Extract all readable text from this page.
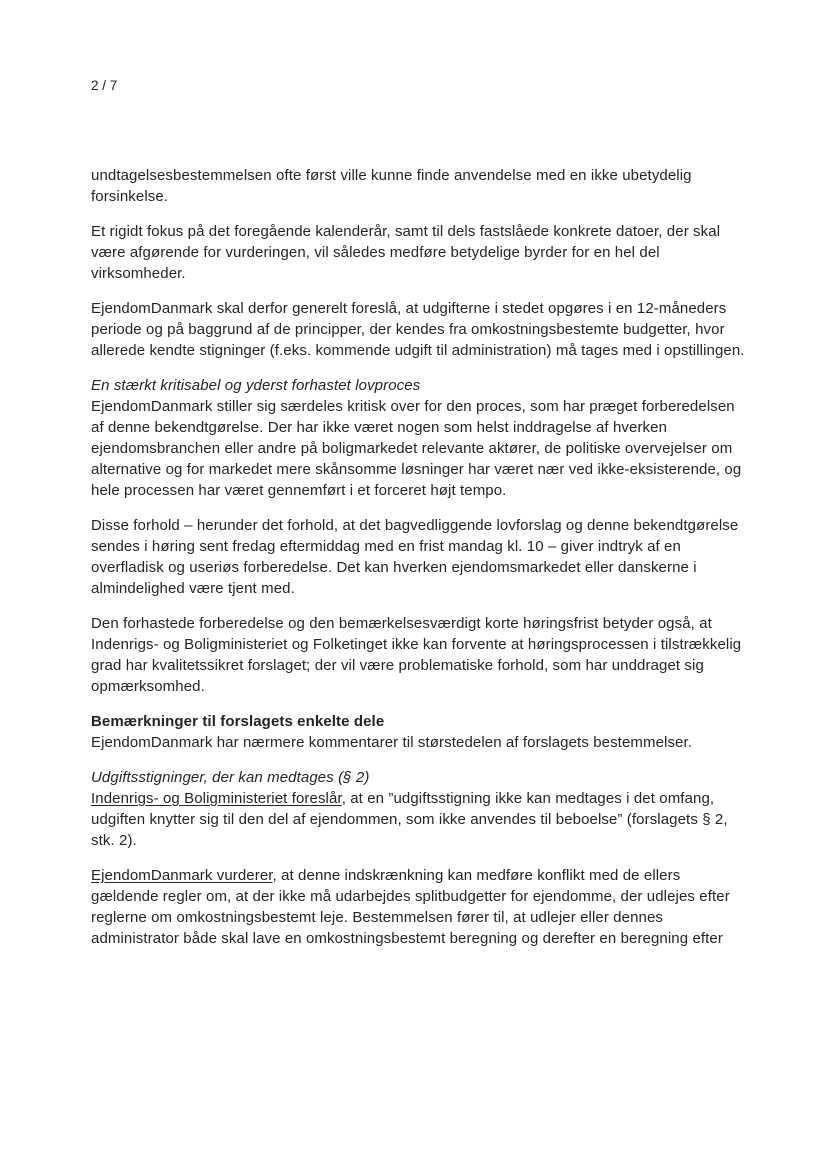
2 / 7

undtagelsesbestemmelsen ofte først ville kunne finde anvendelse med en ikke ubetydelig forsinkelse.

Et rigidt fokus på det foregående kalenderår, samt til dels fastslåede konkrete datoer, der skal være afgørende for vurderingen, vil således medføre betydelige byrder for en hel del virksomheder.

EjendomDanmark skal derfor generelt foreslå, at udgifterne i stedet opgøres i en 12-måneders periode og på baggrund af de principper, der kendes fra omkostningsbestemte budgetter, hvor allerede kendte stigninger (f.eks. kommende udgift til administration) må tages med i opstillingen.

En stærkt kritisabel og yderst forhastet lovproces

EjendomDanmark stiller sig særdeles kritisk over for den proces, som har præget forberedelsen af denne bekendtgørelse. Der har ikke været nogen som helst inddragelse af hverken ejendomsbranchen eller andre på boligmarkedet relevante aktører, de politiske overvejelser om alternative og for markedet mere skånsomme løsninger har været nær ved ikke-eksisterende, og hele processen har været gennemført i et forceret højt tempo.

Disse forhold – herunder det forhold, at det bagvedliggende lovforslag og denne bekendtgørelse sendes i høring sent fredag eftermiddag med en frist mandag kl. 10 – giver indtryk af en overfladisk og useriøs forberedelse. Det kan hverken ejendomsmarkedet eller danskerne i almindelighed være tjent med.

Den forhastede forberedelse og den bemærkelsesværdigt korte høringsfrist betyder også, at Indenrigs- og Boligministeriet og Folketinget ikke kan forvente at høringsprocessen i tilstrækkelig grad har kvalitetssikret forslaget; der vil være problematiske forhold, som har unddraget sig opmærksomhed.

Bemærkninger til forslagets enkelte dele

EjendomDanmark har nærmere kommentarer til størstedelen af forslagets bestemmelser.

Udgiftsstigninger, der kan medtages (§ 2)

Indenrigs- og Boligministeriet foreslår, at en ”udgiftsstigning ikke kan medtages i det omfang, udgiften knytter sig til den del af ejendommen, som ikke anvendes til beboelse” (forslagets § 2, stk. 2).

EjendomDanmark vurderer, at denne indskrænkning kan medføre konflikt med de ellers gældende regler om, at der ikke må udarbejdes splitbudgetter for ejendomme, der udlejes efter reglerne om omkostningsbestemt leje. Bestemmelsen fører til, at udlejer eller dennes administrator både skal lave en omkostningsbestemt beregning og derefter en beregning efter
